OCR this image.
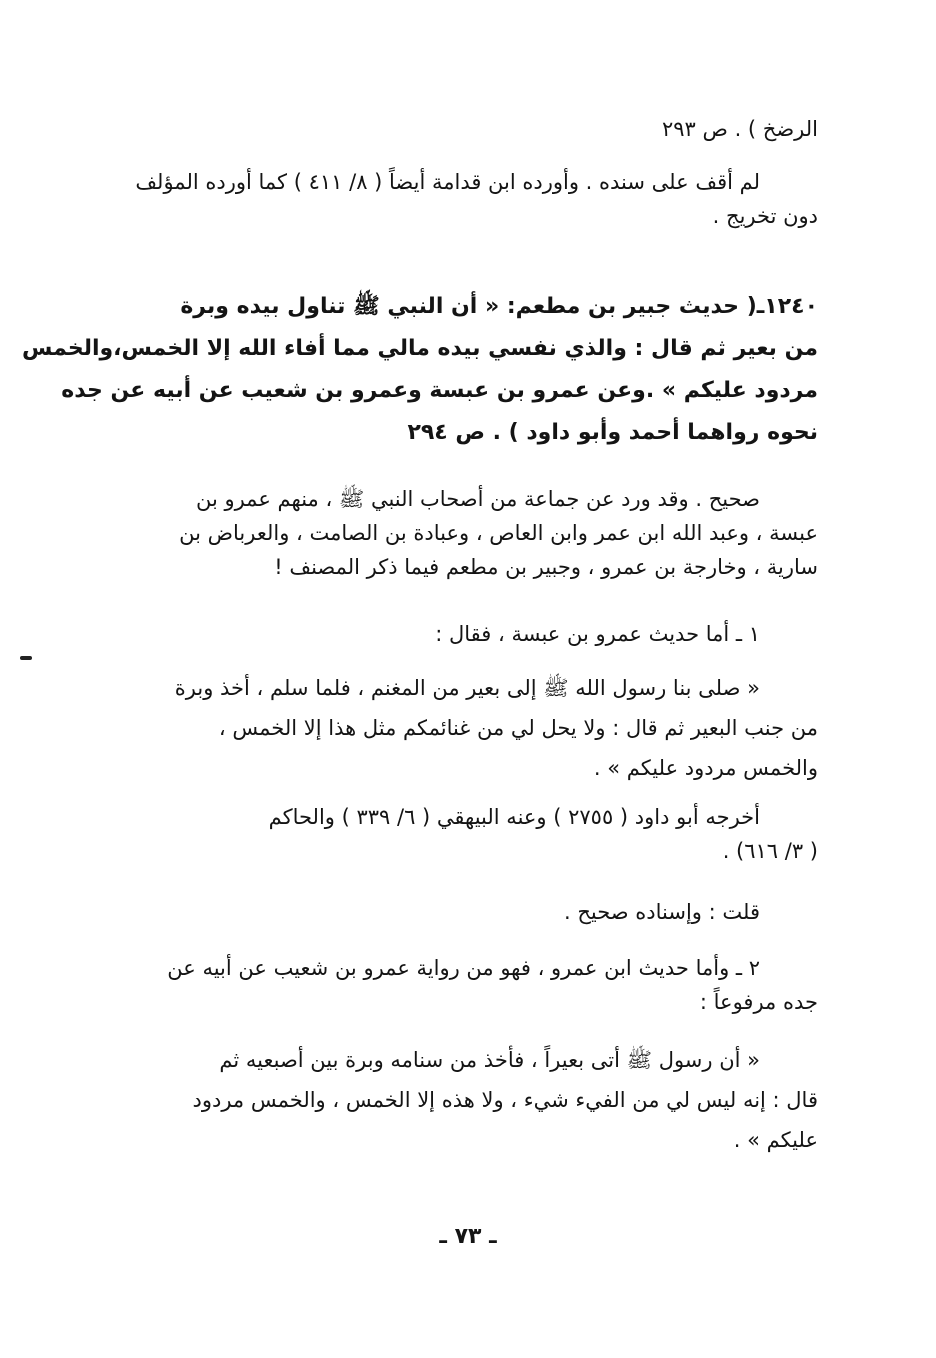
الرضخ ) . ص ٢٩٣
لم أقف على سنده . وأورده ابن قدامة أيضاً ( ٨/ ٤١١ ) كما أورده المؤلف
دون تخريج .
١٢٤٠ـ( حديث جبير بن مطعم: « أن النبي ﷺ تناول بيده وبرة
من بعير ثم قال : والذي نفسي بيده مالي مما أفاء الله إلا الخمس،والخمس
مردود عليكم » .وعن عمرو بن عبسة وعمرو بن شعيب عن أبيه عن جده
نحوه رواهما أحمد وأبو داود ) . ص ٢٩٤
صحيح . وقد ورد عن جماعة من أصحاب النبي ﷺ ، منهم عمرو بن
عبسة ، وعبد الله ابن عمر وابن العاص ، وعبادة بن الصامت ، والعرباض بن
سارية ، وخارجة بن عمرو ، وجبير بن مطعم فيما ذكر المصنف !
١ ـ أما حديث عمرو بن عبسة ، فقال :
« صلى بنا رسول الله ﷺ إلى بعير من المغنم ، فلما سلم ، أخذ وبرة
من جنب البعير ثم قال : ولا يحل لي من غنائمكم مثل هذا إلا الخمس ،
والخمس مردود عليكم » .
أخرجه أبو داود ( ٢٧٥٥ ) وعنه البيهقي ( ٦/ ٣٣٩ ) والحاكم
( ٣/ ٦١٦) .
قلت : وإسناده صحيح .
٢ ـ وأما حديث ابن عمرو ، فهو من رواية عمرو بن شعيب عن أبيه عن
جده مرفوعاً :
« أن رسول ﷺ أتى بعيراً ، فأخذ من سنامه وبرة بين أصبعيه ثم
قال : إنه ليس لي من الفيء شيء ، ولا هذه إلا الخمس ، والخمس مردود
عليكم » .
ـ ٧٣ ـ
